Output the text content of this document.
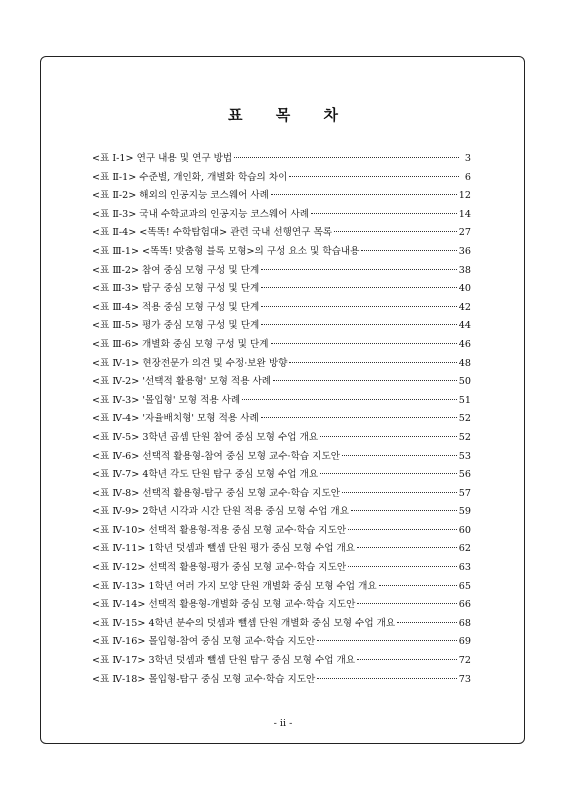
표 목 차
<표 Ⅰ-1> 연구 내용 및 연구 방법	3
<표 Ⅱ-1> 수준별, 개인화, 개별화 학습의 차이	6
<표 Ⅱ-2> 해외의 인공지능 코스웨어 사례	12
<표 Ⅱ-3> 국내 수학교과의 인공지능 코스웨어 사례	14
<표 Ⅱ-4> <똑똑! 수학탐험대> 관련 국내 선행연구 목록	27
<표 Ⅲ-1> <똑똑! 맞춤형 블록 모형>의 구성 요소 및 학습내용	36
<표 Ⅲ-2> 참여 중심 모형 구성 및 단계	38
<표 Ⅲ-3> 탐구 중심 모형 구성 및 단계	40
<표 Ⅲ-4> 적용 중심 모형 구성 및 단계	42
<표 Ⅲ-5> 평가 중심 모형 구성 및 단계	44
<표 Ⅲ-6> 개별화 중심 모형 구성 및 단계	46
<표 Ⅳ-1> 현장전문가 의견 및 수정·보완 방향	48
<표 Ⅳ-2> '선택적 활용형' 모형 적용 사례	50
<표 Ⅳ-3> '몰입형' 모형 적용 사례	51
<표 Ⅳ-4> '자율배치형' 모형 적용 사례	52
<표 Ⅳ-5> 3학년 곱셈 단원 참여 중심 모형 수업 개요	52
<표 Ⅳ-6> 선택적 활용형-참여 중심 모형 교수·학습 지도안	53
<표 Ⅳ-7> 4학년 각도 단원 탐구 중심 모형 수업 개요	56
<표 Ⅳ-8> 선택적 활용형-탐구 중심 모형 교수·학습 지도안	57
<표 Ⅳ-9> 2학년 시각과 시간 단원 적용 중심 모형 수업 개요	59
<표 Ⅳ-10> 선택적 활용형-적용 중심 모형 교수·학습 지도안	60
<표 Ⅳ-11> 1학년 덧셈과 뺄셈 단원 평가 중심 모형 수업 개요	62
<표 Ⅳ-12> 선택적 활용형-평가 중심 모형 교수·학습 지도안	63
<표 Ⅳ-13> 1학년 여러 가지 모양 단원 개별화 중심 모형 수업 개요	65
<표 Ⅳ-14> 선택적 활용형-개별화 중심 모형 교수·학습 지도안	66
<표 Ⅳ-15> 4학년 분수의 덧셈과 뺄셈 단원 개별화 중심 모형 수업 개요	68
<표 Ⅳ-16> 몰입형-참여 중심 모형 교수·학습 지도안	69
<표 Ⅳ-17> 3학년 덧셈과 뺄셈 단원 탐구 중심 모형 수업 개요	72
<표 Ⅳ-18> 몰입형-탐구 중심 모형 교수·학습 지도안	73
- ii -
